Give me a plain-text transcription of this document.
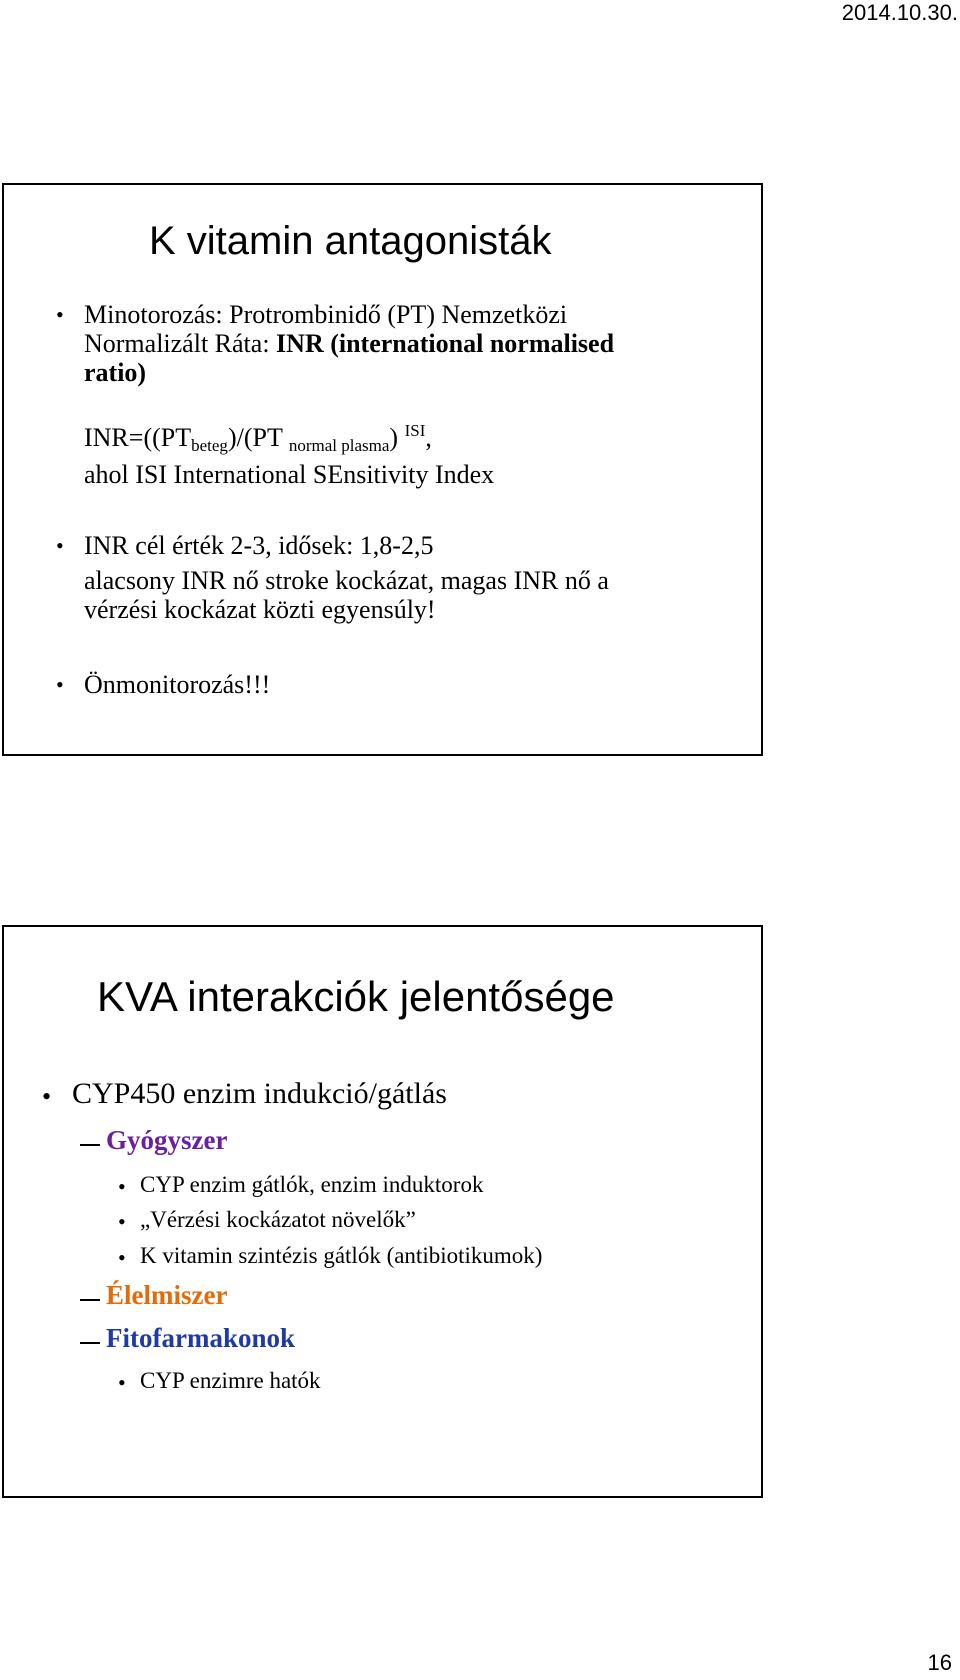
2014.10.30.
K vitamin antagonisták
• Minotorozás: Protrombinidő (PT) Nemzetközi
Normalizált Ráta: INR (international normalised
ratio)
$INR=((PT_{beteg})/(PT$ $_{normal plasma}$) $^{ISI}$,
ahol ISI International SEnsitivity Index
• INR cél érték 2-3, idősek: 1,8-2,5
alacsony INR nő stroke kockázat, magas INR nő a
vérzési kockázat közti egyensúly!
• Önmonitorozás!!!
KVA interakciók jelentősége
• CYP450 enzim indukció/gátlás
Gyógyszer
• CYP enzim gátlók, enzim induktorok
• „Vérzési kockázatot növelők”
• K vitamin szintézis gátlók (antibiotikumok)
Élelmiszer
Fitofarmakonok
• CYP enzimre hatók
16
